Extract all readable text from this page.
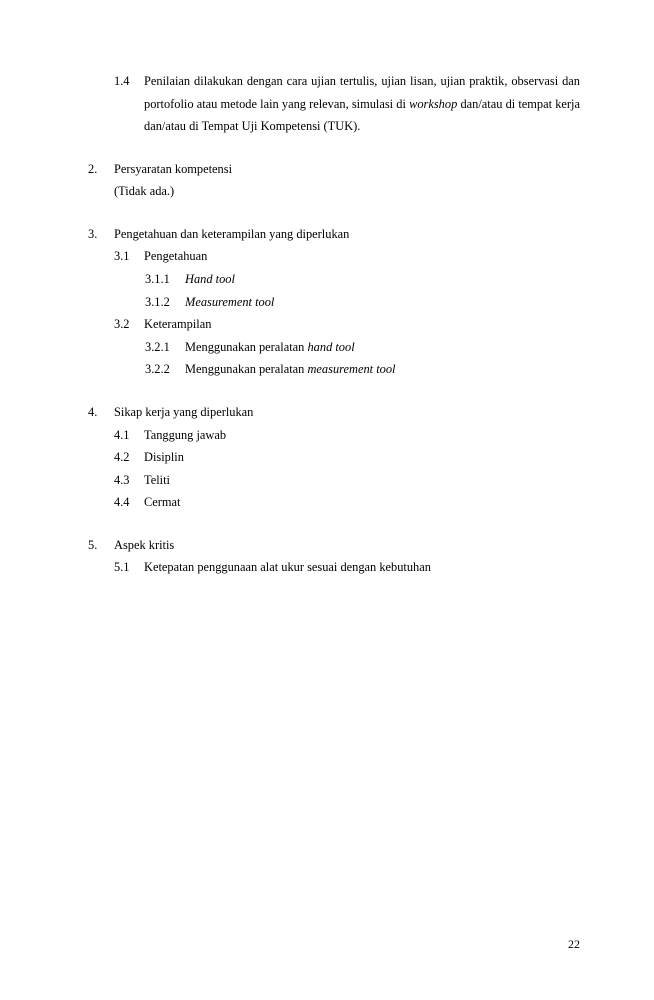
1.4	Penilaian dilakukan dengan cara ujian tertulis, ujian lisan, ujian praktik, observasi dan portofolio atau metode lain yang relevan, simulasi di workshop dan/atau di tempat kerja dan/atau di Tempat Uji Kompetensi (TUK).
2.	Persyaratan kompetensi
(Tidak ada.)
3.	Pengetahuan dan keterampilan yang diperlukan
3.1	Pengetahuan
3.1.1	Hand tool
3.1.2	Measurement tool
3.2	Keterampilan
3.2.1	Menggunakan peralatan hand tool
3.2.2	Menggunakan peralatan measurement tool
4.	Sikap kerja yang diperlukan
4.1	Tanggung jawab
4.2	Disiplin
4.3	Teliti
4.4	Cermat
5.	Aspek kritis
5.1	Ketepatan penggunaan alat ukur sesuai dengan kebutuhan
22
